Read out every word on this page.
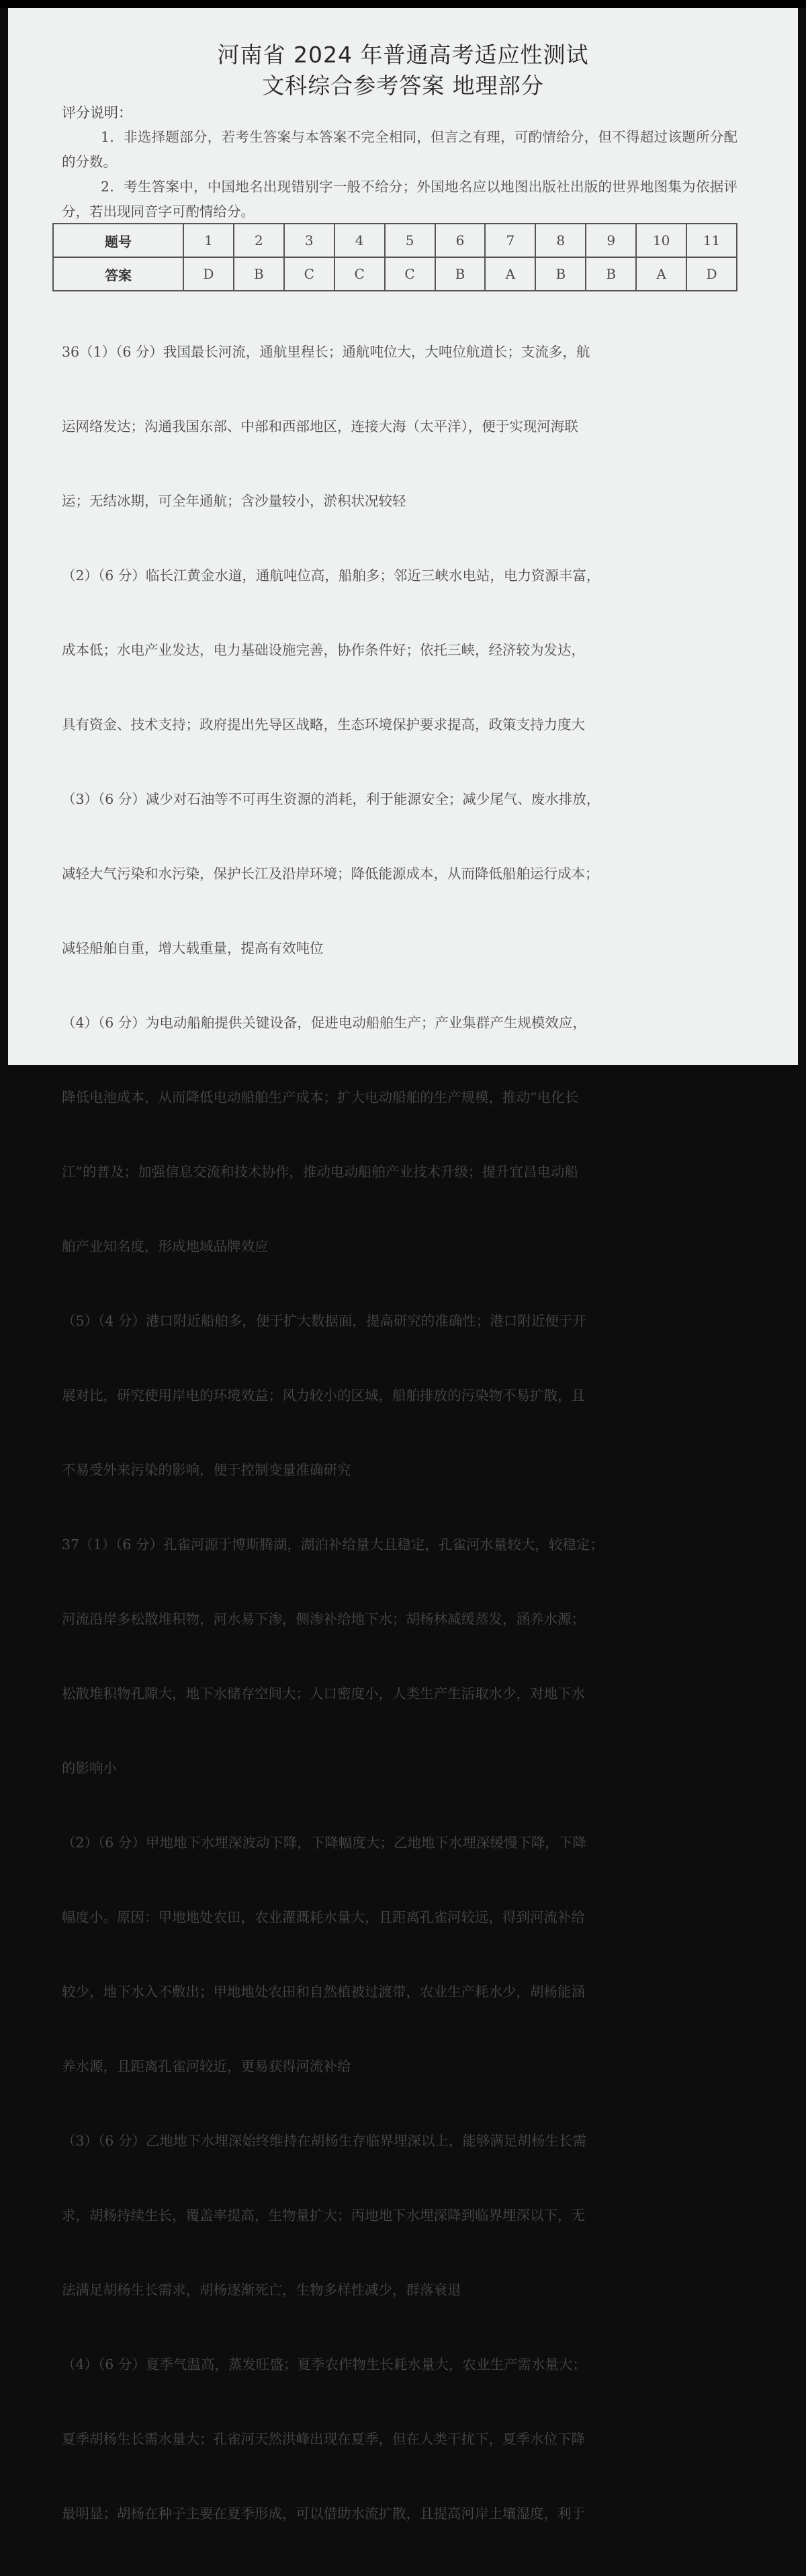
河南省 2024 年普通高考适应性测试
文科综合参考答案 地理部分
评分说明：
1．非选择题部分，若考生答案与本答案不完全相同，但言之有理，可酌情给分，但不得超过该题所分配的分数。
2．考生答案中，中国地名出现错别字一般不给分；外国地名应以地图出版社出版的世界地图集为依据评分，若出现同音字可酌情给分。
题号	1	2	3	4	5	6	7	8	9	10	11
答案	D	B	C	C	C	B	A	B	B	A	D

36（1）（6 分）我国最长河流，通航里程长；通航吨位大，大吨位航道长；支流多，航

运网络发达；沟通我国东部、中部和西部地区，连接大海（太平洋），便于实现河海联

运；无结冰期，可全年通航；含沙量较小，淤积状况较轻

（2）（6 分）临长江黄金水道，通航吨位高，船舶多；邻近三峡水电站，电力资源丰富，

成本低；水电产业发达，电力基础设施完善，协作条件好；依托三峡，经济较为发达，

具有资金、技术支持；政府提出先导区战略，生态环境保护要求提高，政策支持力度大

（3）（6 分）减少对石油等不可再生资源的消耗，利于能源安全；减少尾气、废水排放，

减轻大气污染和水污染，保护长江及沿岸环境；降低能源成本，从而降低船舶运行成本；

减轻船舶自重，增大载重量，提高有效吨位

（4）（6 分）为电动船舶提供关键设备，促进电动船舶生产；产业集群产生规模效应，

降低电池成本，从而降低电动船舶生产成本；扩大电动船舶的生产规模，推动“电化长

江”的普及；加强信息交流和技术协作，推动电动船舶产业技术升级；提升宜昌电动船

舶产业知名度，形成地域品牌效应

（5）（4 分）港口附近船舶多，便于扩大数据面，提高研究的准确性；港口附近便于开

展对比，研究使用岸电的环境效益；风力较小的区域，船舶排放的污染物不易扩散，且

不易受外来污染的影响，便于控制变量准确研究

37（1）（6 分）孔雀河源于博斯腾湖，湖泊补给量大且稳定，孔雀河水量较大，较稳定；

河流沿岸多松散堆积物，河水易下渗，侧渗补给地下水；胡杨林减缓蒸发，涵养水源；

松散堆积物孔隙大，地下水储存空间大；人口密度小，人类生产生活取水少，对地下水

的影响小

（2）（6 分）甲地地下水埋深波动下降，下降幅度大；乙地地下水埋深缓慢下降，下降

幅度小。原因：甲地地处农田，农业灌溉耗水量大，且距离孔雀河较远，得到河流补给

较少，地下水入不敷出；甲地地处农田和自然植被过渡带，农业生产耗水少，胡杨能涵

养水源，且距离孔雀河较近，更易获得河流补给

（3）（6 分）乙地地下水埋深始终维持在胡杨生存临界埋深以上，能够满足胡杨生长需

求，胡杨持续生长，覆盖率提高，生物量扩大；丙地地下水埋深降到临界埋深以下，无

法满足胡杨生长需求，胡杨逐渐死亡，生物多样性减少，群落衰退

（4）（6 分）夏季气温高，蒸发旺盛；夏季农作物生长耗水量大，农业生产需水量大；

夏季胡杨生长需水量大；孔雀河天然洪峰出现在夏季，但在人类干扰下，夏季水位下降

最明显；胡杨在种子主要在夏季形成，可以借助水流扩散，且提高河岸土壤湿度，利于
